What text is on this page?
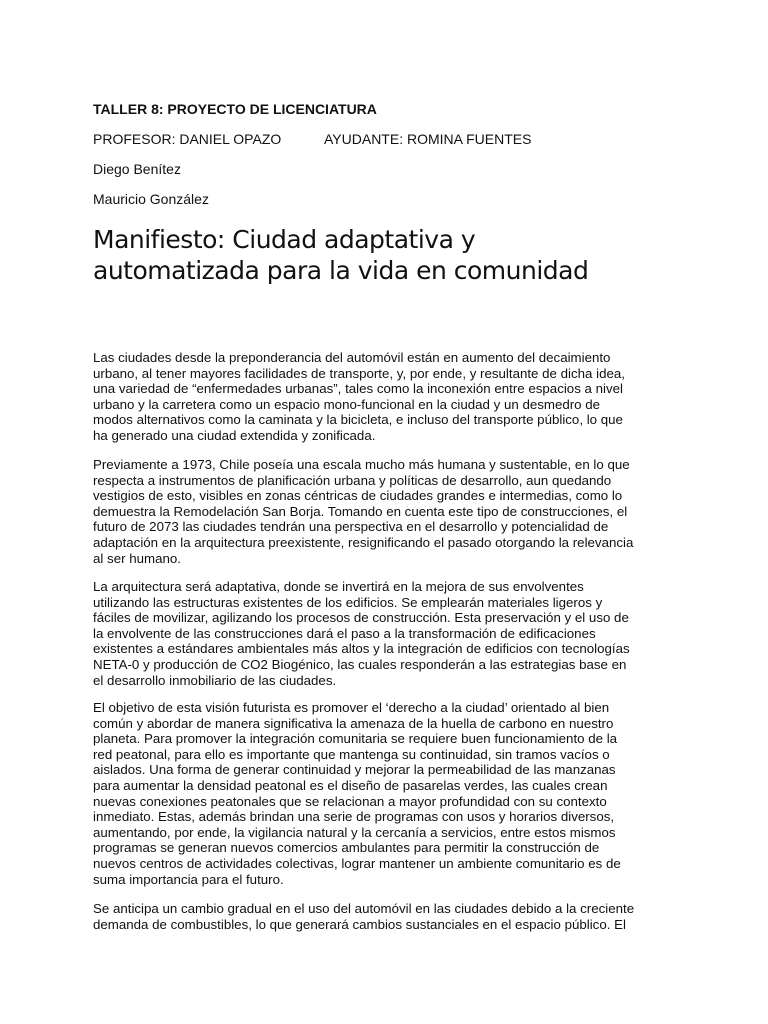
TALLER 8: PROYECTO DE LICENCIATURA
PROFESOR: DANIEL OPAZO	AYUDANTE: ROMINA FUENTES
Diego Benítez
Mauricio González
Manifiesto: Ciudad adaptativa y
automatizada para la vida en comunidad
Las ciudades desde la preponderancia del automóvil están en aumento del decaimiento
urbano, al tener mayores facilidades de transporte, y, por ende, y resultante de dicha idea,
una variedad de “enfermedades urbanas”, tales como la inconexión entre espacios a nivel
urbano y la carretera como un espacio mono-funcional en la ciudad y un desmedro de
modos alternativos como la caminata y la bicicleta, e incluso del transporte público, lo que
ha generado una ciudad extendida y zonificada.
Previamente a 1973, Chile poseía una escala mucho más humana y sustentable, en lo que
respecta a instrumentos de planificación urbana y políticas de desarrollo, aun quedando
vestigios de esto, visibles en zonas céntricas de ciudades grandes e intermedias, como lo
demuestra la Remodelación San Borja. Tomando en cuenta este tipo de construcciones, el
futuro de 2073 las ciudades tendrán una perspectiva en el desarrollo y potencialidad de
adaptación en la arquitectura preexistente, resignificando el pasado otorgando la relevancia
al ser humano.
La arquitectura será adaptativa, donde se invertirá en la mejora de sus envolventes
utilizando las estructuras existentes de los edificios. Se emplearán materiales ligeros y
fáciles de movilizar, agilizando los procesos de construcción. Esta preservación y el uso de
la envolvente de las construcciones dará el paso a la transformación de edificaciones
existentes a estándares ambientales más altos y la integración de edificios con tecnologías
NETA-0 y producción de CO2 Biogénico, las cuales responderán a las estrategias base en
el desarrollo inmobiliario de las ciudades.
El objetivo de esta visión futurista es promover el ‘derecho a la ciudad’ orientado al bien
común y abordar de manera significativa la amenaza de la huella de carbono en nuestro
planeta. Para promover la integración comunitaria se requiere buen funcionamiento de la
red peatonal, para ello es importante que mantenga su continuidad, sin tramos vacíos o
aislados. Una forma de generar continuidad y mejorar la permeabilidad de las manzanas
para aumentar la densidad peatonal es el diseño de pasarelas verdes, las cuales crean
nuevas conexiones peatonales que se relacionan a mayor profundidad con su contexto
inmediato. Estas, además brindan una serie de programas con usos y horarios diversos,
aumentando, por ende, la vigilancia natural y la cercanía a servicios, entre estos mismos
programas se generan nuevos comercios ambulantes para permitir la construcción de
nuevos centros de actividades colectivas, lograr mantener un ambiente comunitario es de
suma importancia para el futuro.
Se anticipa un cambio gradual en el uso del automóvil en las ciudades debido a la creciente
demanda de combustibles, lo que generará cambios sustanciales en el espacio público. El
